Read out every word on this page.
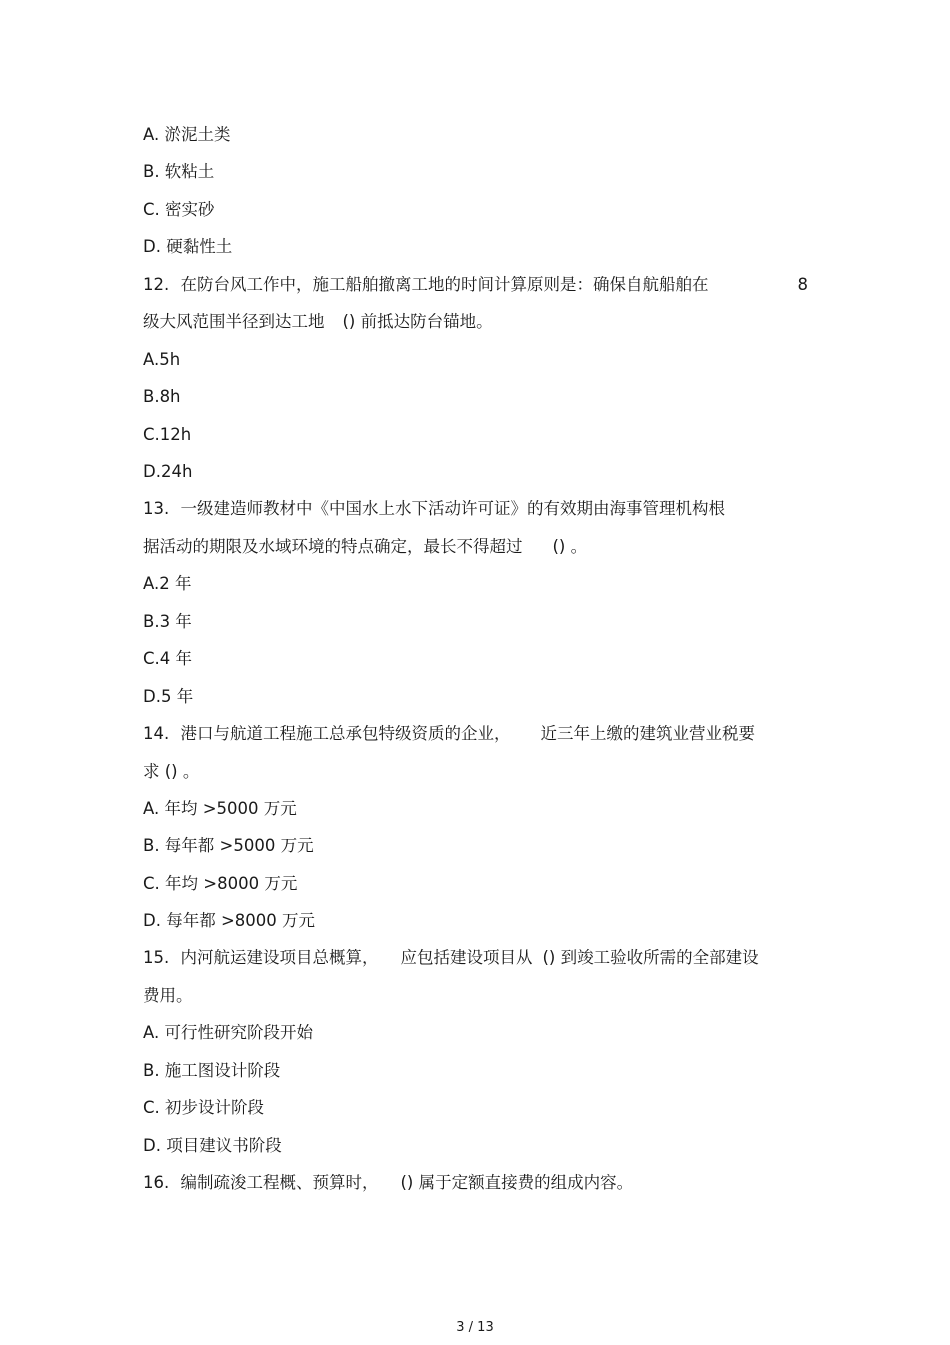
A. 淤泥土类
B. 软粘土
C. 密实砂
D. 硬黏性土
12. 在防台风工作中，施工船舶撤离工地的时间计算原则是：确保自航船舶在	8
级大风范围半径到达工地 () 前抵达防台锚地。
A.5h
B.8h
C.12h
D.24h
13. 一级建造师教材中《中国水上水下活动许可证》的有效期由海事管理机构根
据活动的期限及水域环境的特点确定，最长不得超过 () 。
A.2 年
B.3 年
C.4 年
D.5 年
14. 港口与航道工程施工总承包特级资质的企业， 近三年上缴的建筑业营业税要
求 () 。
A. 年均 >5000 万元
B. 每年都 >5000 万元
C. 年均 >8000 万元
D. 每年都 >8000 万元
15. 内河航运建设项目总概算， 应包括建设项目从 () 到竣工验收所需的全部建设
费用。
A. 可行性研究阶段开始
B. 施工图设计阶段
C. 初步设计阶段
D. 项目建议书阶段
16. 编制疏浚工程概、预算时， () 属于定额直接费的组成内容。
3 / 13
